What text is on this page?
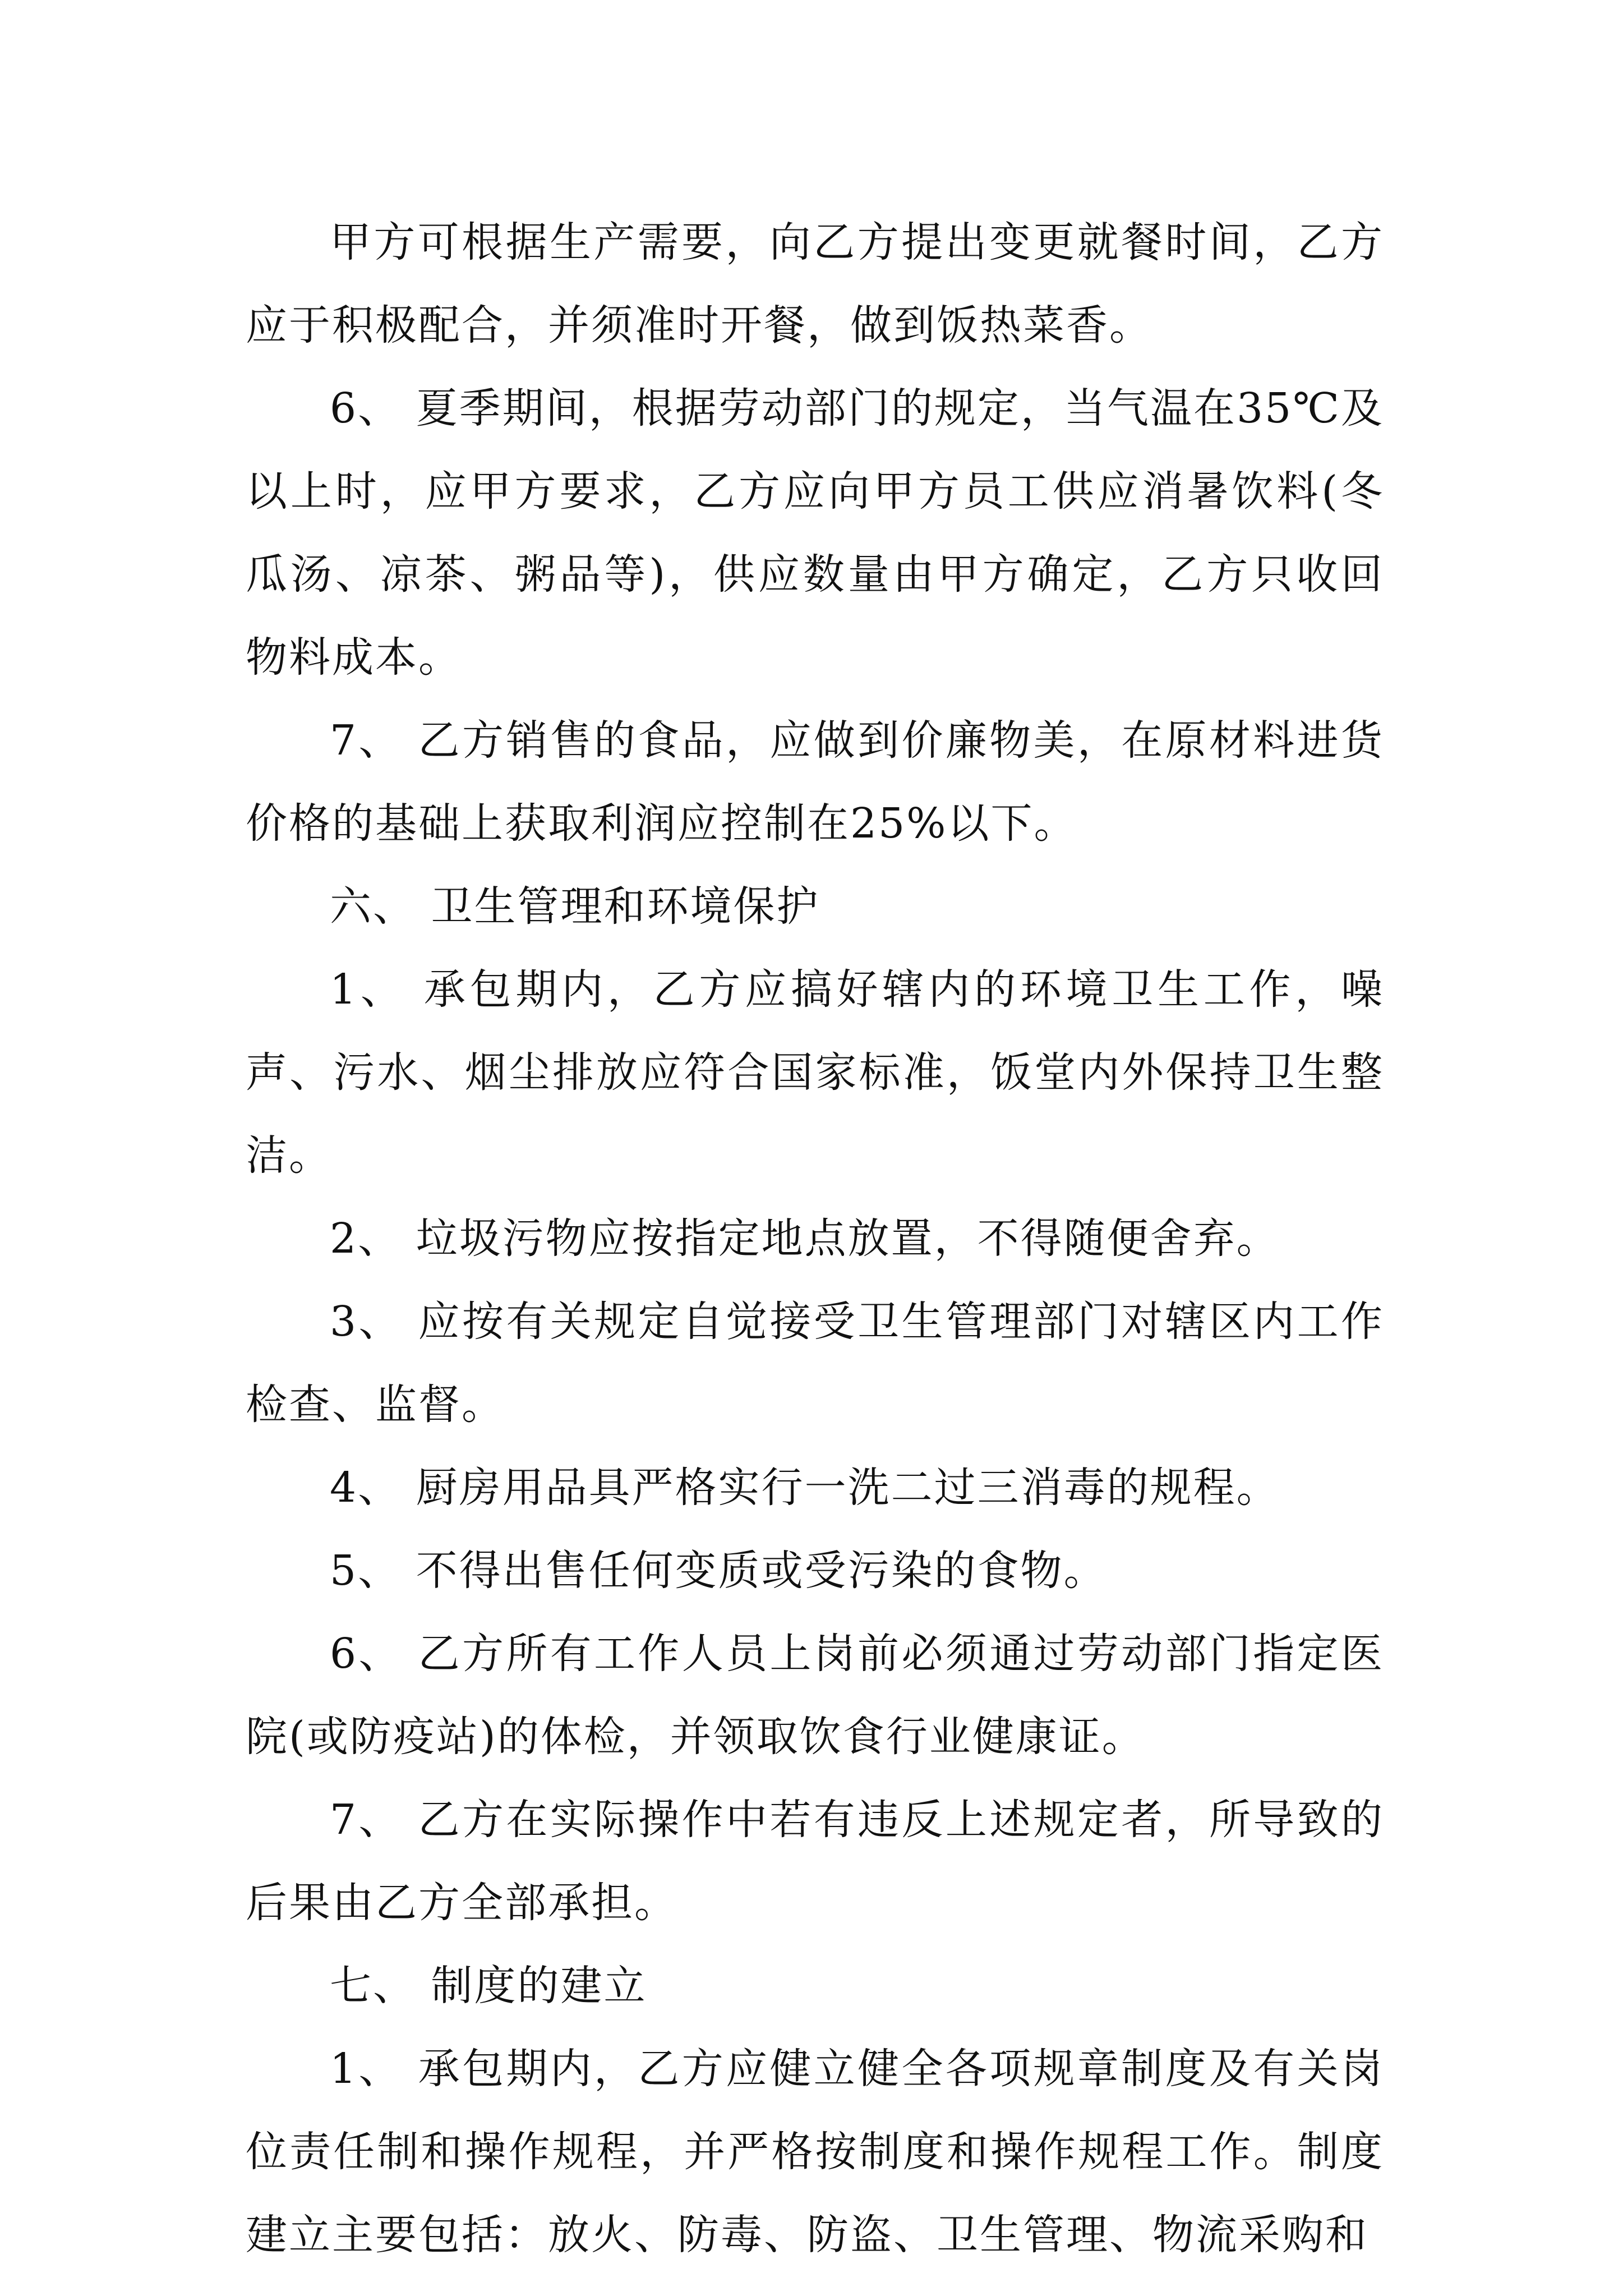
甲方可根据生产需要，向乙方提出变更就餐时间，乙方应于积极配合，并须准时开餐，做到饭热菜香。

6、 夏季期间，根据劳动部门的规定，当气温在35℃及以上时，应甲方要求，乙方应向甲方员工供应消暑饮料(冬瓜汤、凉茶、粥品等)，供应数量由甲方确定，乙方只收回物料成本。

7、 乙方销售的食品，应做到价廉物美，在原材料进货价格的基础上获取利润应控制在25%以下。

六、 卫生管理和环境保护

1、 承包期内，乙方应搞好辖内的环境卫生工作，噪声、污水、烟尘排放应符合国家标准，饭堂内外保持卫生整洁。

2、 垃圾污物应按指定地点放置，不得随便舍弃。

3、 应按有关规定自觉接受卫生管理部门对辖区内工作检查、监督。

4、 厨房用品具严格实行一洗二过三消毒的规程。

5、 不得出售任何变质或受污染的食物。

6、 乙方所有工作人员上岗前必须通过劳动部门指定医院(或防疫站)的体检，并领取饮食行业健康证。

7、 乙方在实际操作中若有违反上述规定者，所导致的后果由乙方全部承担。

七、 制度的建立

1、 承包期内，乙方应健立健全各项规章制度及有关岗位责任制和操作规程，并严格按制度和操作规程工作。制度建立主要包括：放火、防毒、防盗、卫生管理、物流采购和
